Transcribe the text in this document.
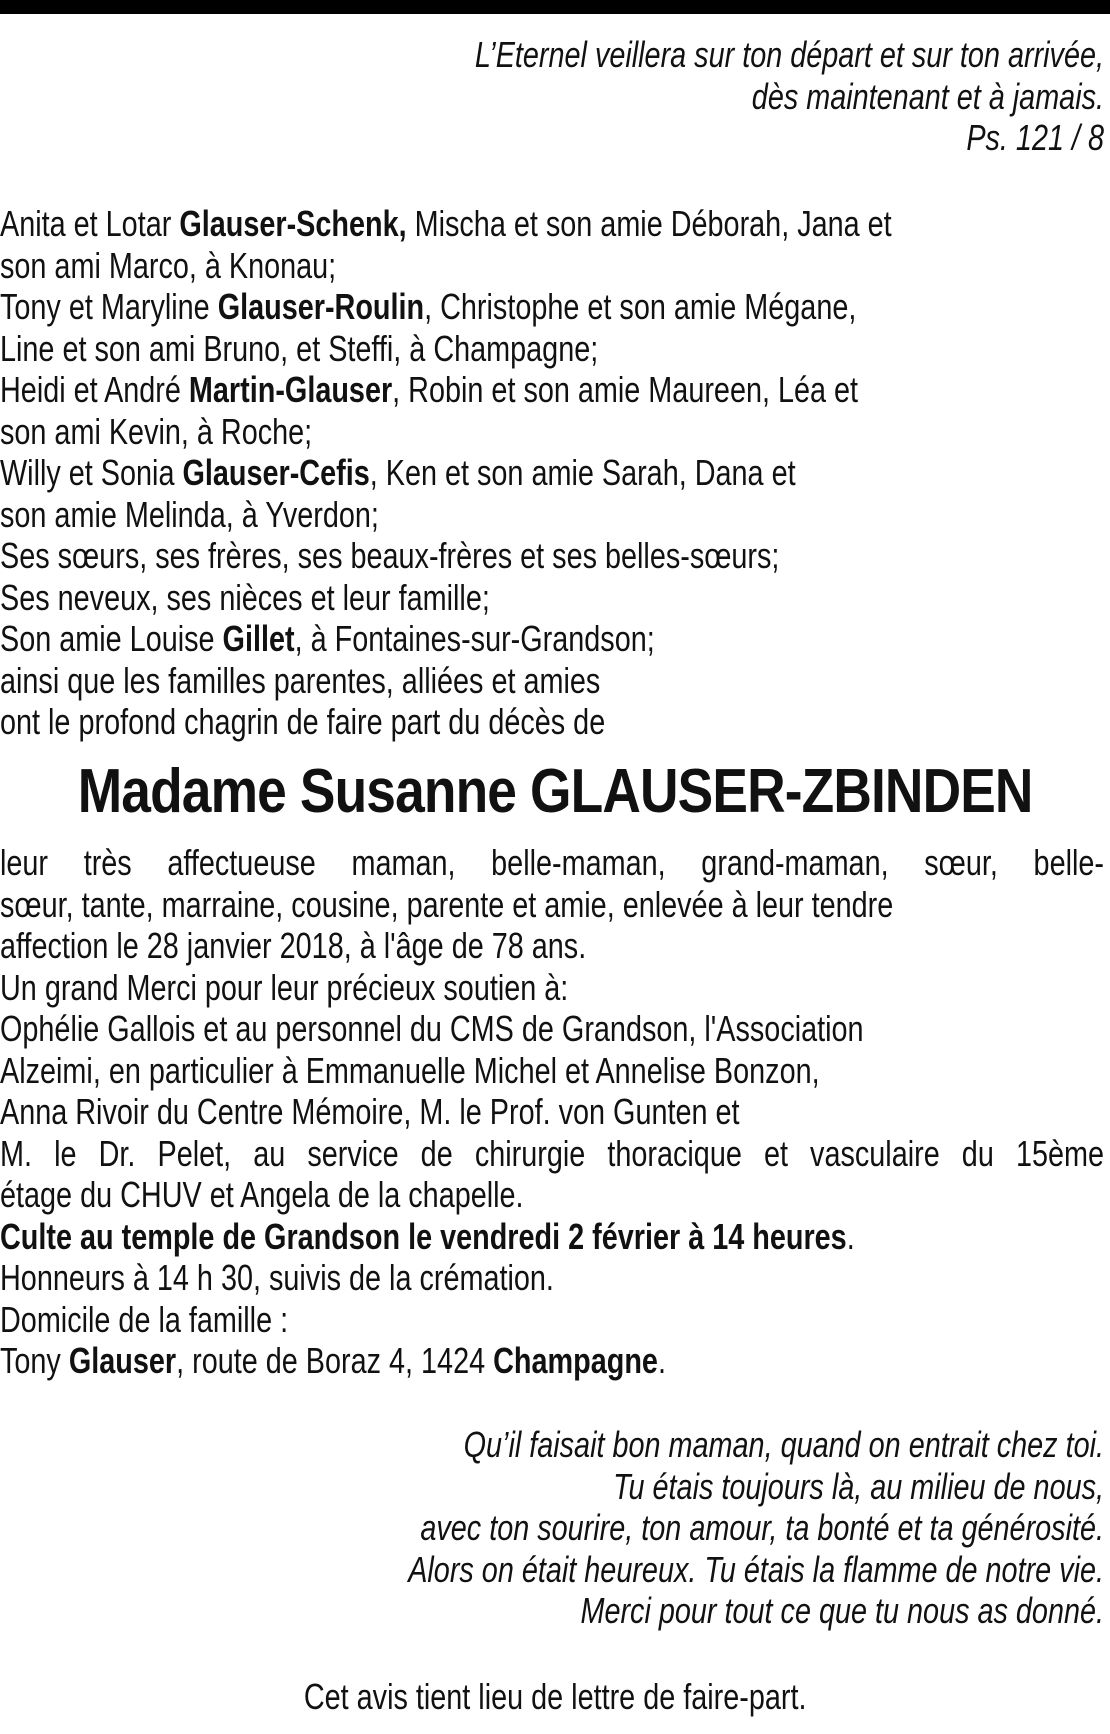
L’Eternel veillera sur ton départ et sur ton arrivée,
dès maintenant et à jamais.
Ps. 121 / 8
Anita et Lotar Glauser-Schenk, Mischa et son amie Déborah, Jana et
son ami Marco, à Knonau;
Tony et Maryline Glauser-Roulin, Christophe et son amie Mégane,
Line et son ami Bruno, et Steffi, à Champagne;
Heidi et André Martin-Glauser, Robin et son amie Maureen, Léa et
son ami Kevin, à Roche;
Willy et Sonia Glauser-Cefis, Ken et son amie Sarah, Dana et
son amie Melinda, à Yverdon;
Ses sœurs, ses frères, ses beaux-frères et ses belles-sœurs;
Ses neveux, ses nièces et leur famille;
Son amie Louise Gillet, à Fontaines-sur-Grandson;
ainsi que les familles parentes, alliées et amies
ont le profond chagrin de faire part du décès de
Madame Susanne GLAUSER-ZBINDEN
leur très affectueuse maman, belle-maman, grand-maman, sœur, belle-
sœur, tante, marraine, cousine, parente et amie, enlevée à leur tendre
affection le 28 janvier 2018, à l'âge de 78 ans.
Un grand Merci pour leur précieux soutien à:
Ophélie Gallois et au personnel du CMS de Grandson, l'Association
Alzeimi, en particulier à Emmanuelle Michel et Annelise Bonzon,
Anna Rivoir du Centre Mémoire, M. le Prof. von Gunten et
M. le Dr. Pelet, au service de chirurgie thoracique et vasculaire du 15ème
étage du CHUV et Angela de la chapelle.
Culte au temple de Grandson le vendredi 2 février à 14 heures.
Honneurs à 14 h 30, suivis de la crémation.
Domicile de la famille :
Tony Glauser, route de Boraz 4, 1424 Champagne.
Qu’il faisait bon maman, quand on entrait chez toi.
Tu étais toujours là, au milieu de nous,
avec ton sourire, ton amour, ta bonté et ta générosité.
Alors on était heureux. Tu étais la flamme de notre vie.
Merci pour tout ce que tu nous as donné.
Cet avis tient lieu de lettre de faire-part.
